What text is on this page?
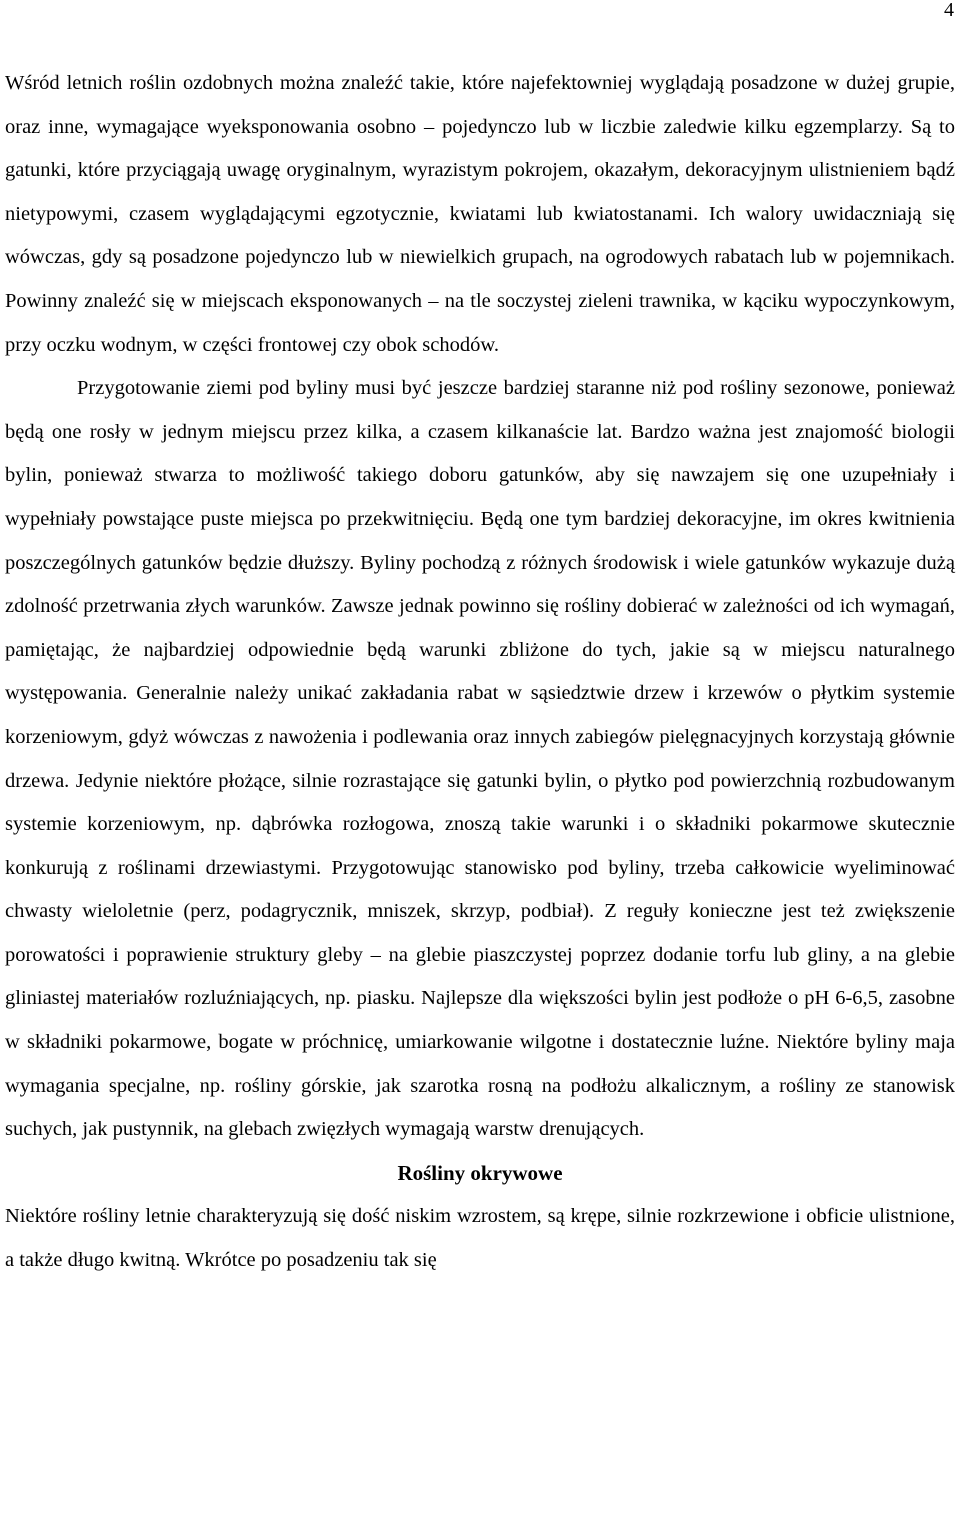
4

Wśród letnich roślin ozdobnych można znaleźć takie, które najefektowniej wyglądają posadzone w dużej grupie, oraz inne, wymagające wyeksponowania osobno – pojedynczo lub w liczbie zaledwie kilku egzemplarzy. Są to gatunki, które przyciągają uwagę oryginalnym, wyrazistym pokrojem, okazałym, dekoracyjnym ulistnieniem bądź nietypowymi, czasem wyglądającymi egzotycznie, kwiatami lub kwiatostanami. Ich walory uwidaczniają się wówczas, gdy są posadzone pojedynczo lub w niewielkich grupach, na ogrodowych rabatach lub w pojemnikach. Powinny znaleźć się w miejscach eksponowanych – na tle soczystej zieleni trawnika, w kąciku wypoczynkowym, przy oczku wodnym, w części frontowej czy obok schodów.

Przygotowanie ziemi pod byliny musi być jeszcze bardziej staranne niż pod rośliny sezonowe, ponieważ będą one rosły w jednym miejscu przez kilka, a czasem kilkanaście lat. Bardzo ważna jest znajomość biologii bylin, ponieważ stwarza to możliwość takiego doboru gatunków, aby się nawzajem się one uzupełniały i wypełniały powstające puste miejsca po przekwitnięciu. Będą one tym bardziej dekoracyjne, im okres kwitnienia poszczególnych gatunków będzie dłuższy. Byliny pochodzą z różnych środowisk i wiele gatunków wykazuje dużą zdolność przetrwania złych warunków. Zawsze jednak powinno się rośliny dobierać w zależności od ich wymagań, pamiętając, że najbardziej odpowiednie będą warunki zbliżone do tych, jakie są w miejscu naturalnego występowania. Generalnie należy unikać zakładania rabat w sąsiedztwie drzew i krzewów o płytkim systemie korzeniowym, gdyż wówczas z nawożenia i podlewania oraz innych zabiegów pielęgnacyjnych korzystają głównie drzewa. Jedynie niektóre płożące, silnie rozrastające się gatunki bylin, o płytko pod powierzchnią rozbudowanym systemie korzeniowym, np. dąbrówka rozłogowa, znoszą takie warunki i o składniki pokarmowe skutecznie konkurują z roślinami drzewiastymi. Przygotowując stanowisko pod byliny, trzeba całkowicie wyeliminować chwasty wieloletnie (perz, podagrycznik, mniszek, skrzyp, podbiał). Z reguły konieczne jest też zwiększenie porowatości i poprawienie struktury gleby – na glebie piaszczystej poprzez dodanie torfu lub gliny, a na glebie gliniastej materiałów rozluźniających, np. piasku. Najlepsze dla większości bylin jest podłoże o pH 6-6,5, zasobne w składniki pokarmowe, bogate w próchnicę, umiarkowanie wilgotne i dostatecznie luźne. Niektóre byliny maja wymagania specjalne, np. rośliny górskie, jak szarotka rosną na podłożu alkalicznym, a rośliny ze stanowisk suchych, jak pustynnik, na glebach zwięzłych wymagają warstw drenujących.

Rośliny okrywowe

Niektóre rośliny letnie charakteryzują się dość niskim wzrostem, są krępe, silnie rozkrzewione i obficie ulistnione, a także długo kwitną. Wkrótce po posadzeniu tak się
